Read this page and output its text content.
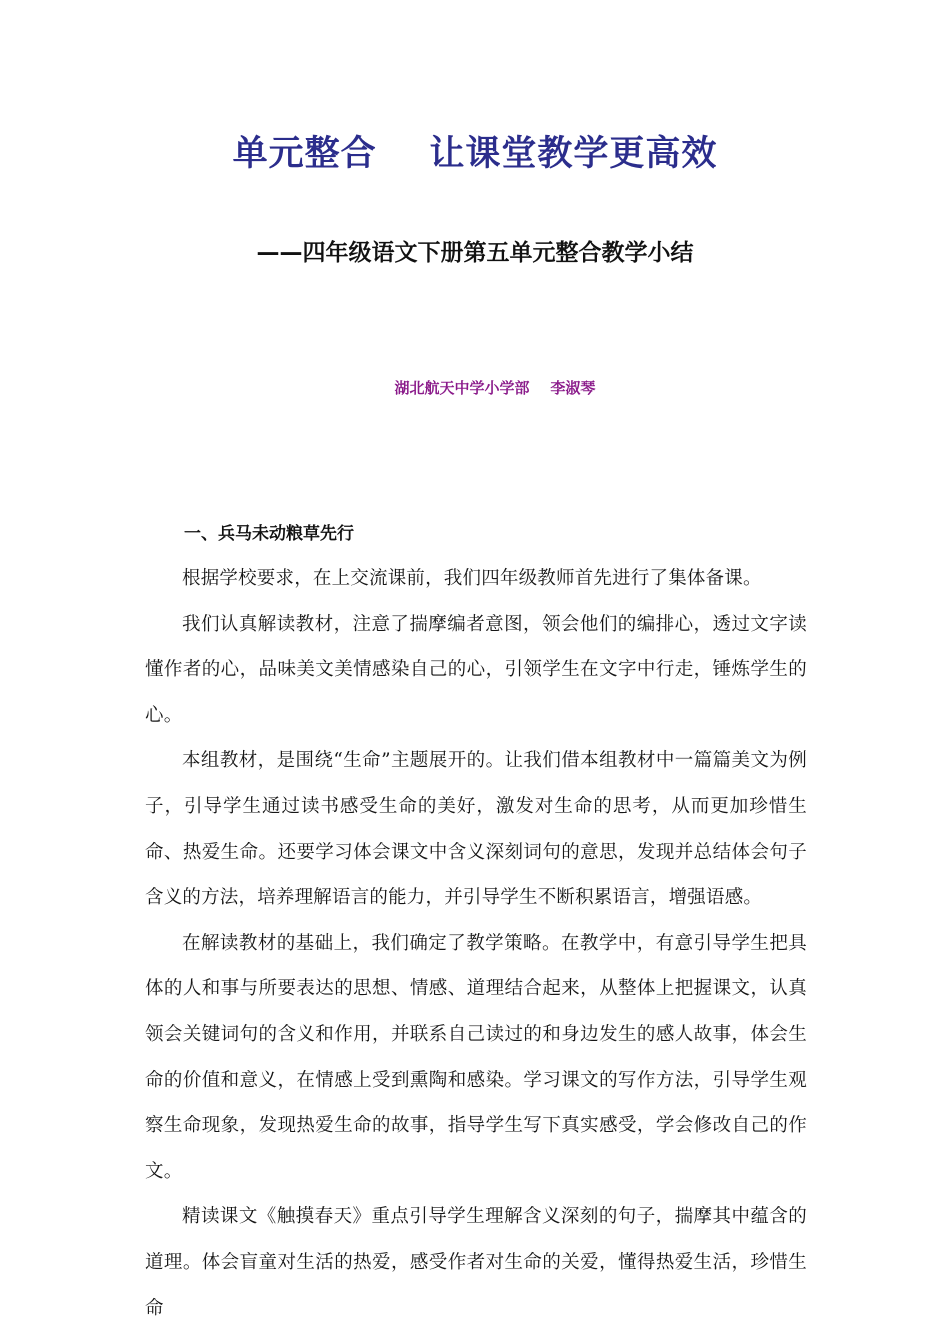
单元整合    让课堂教学更高效
——四年级语文下册第五单元整合教学小结
湖北航天中学小学部    李淑琴
一、兵马未动粮草先行

根据学校要求，在上交流课前，我们四年级教师首先进行了集体备课。

我们认真解读教材，注意了揣摩编者意图，领会他们的编排心，透过文字读懂作者的心，品味美文美情感染自己的心，引领学生在文字中行走，锤炼学生的心。

本组教材，是围绕“生命”主题展开的。让我们借本组教材中一篇篇美文为例子，引导学生通过读书感受生命的美好，激发对生命的思考，从而更加珍惜生命、热爱生命。还要学习体会课文中含义深刻词句的意思，发现并总结体会句子含义的方法，培养理解语言的能力，并引导学生不断积累语言，增强语感。

在解读教材的基础上，我们确定了教学策略。在教学中，有意引导学生把具体的人和事与所要表达的思想、情感、道理结合起来，从整体上把握课文，认真领会关键词句的含义和作用，并联系自己读过的和身边发生的感人故事，体会生命的价值和意义，在情感上受到熏陶和感染。学习课文的写作方法，引导学生观察生命现象，发现热爱生命的故事，指导学生写下真实感受，学会修改自己的作文。

精读课文《触摸春天》重点引导学生理解含义深刻的句子，揣摩其中蕴含的道理。体会盲童对生活的热爱，感受作者对生命的关爱，懂得热爱生活，珍惜生命
